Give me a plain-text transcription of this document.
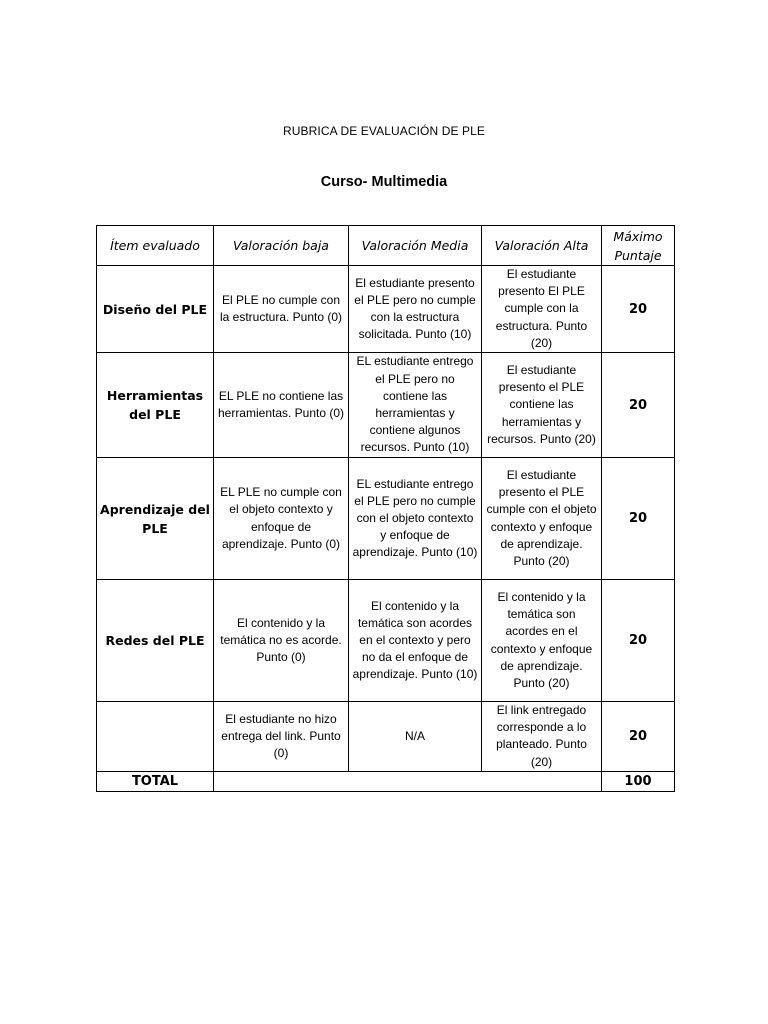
RUBRICA DE EVALUACIÓN DE PLE
Curso- Multimedia
Ítem evaluado	Valoración baja	Valoración Media	Valoración Alta	Máximo Puntaje
Diseño del PLE	El PLE no cumple con la estructura. Punto (0)	El estudiante presento el PLE pero no cumple con la estructura solicitada. Punto (10)	El estudiante presento El PLE cumple con la estructura. Punto (20)	20
Herramientas del PLE	EL PLE no contiene las herramientas. Punto (0)	EL estudiante entrego el PLE pero no contiene las herramientas y contiene algunos recursos. Punto (10)	El estudiante presento el PLE contiene las herramientas y recursos. Punto (20)	20
Aprendizaje del PLE	EL PLE no cumple con el objeto contexto y enfoque de aprendizaje. Punto (0)	EL estudiante entrego el PLE pero no cumple con el objeto contexto y enfoque de aprendizaje. Punto (10)	El estudiante presento el PLE cumple con el objeto contexto y enfoque de aprendizaje. Punto (20)	20
Redes del PLE	El contenido y la temática no es acorde. Punto (0)	El contenido y la temática son acordes en el contexto y pero no da el enfoque de aprendizaje. Punto (10)	El contenido y la temática son acordes en el contexto y enfoque de aprendizaje. Punto (20)	20
	El estudiante no hizo entrega del link. Punto (0)	N/A	El link entregado corresponde a lo planteado. Punto (20)	20
TOTAL				100
